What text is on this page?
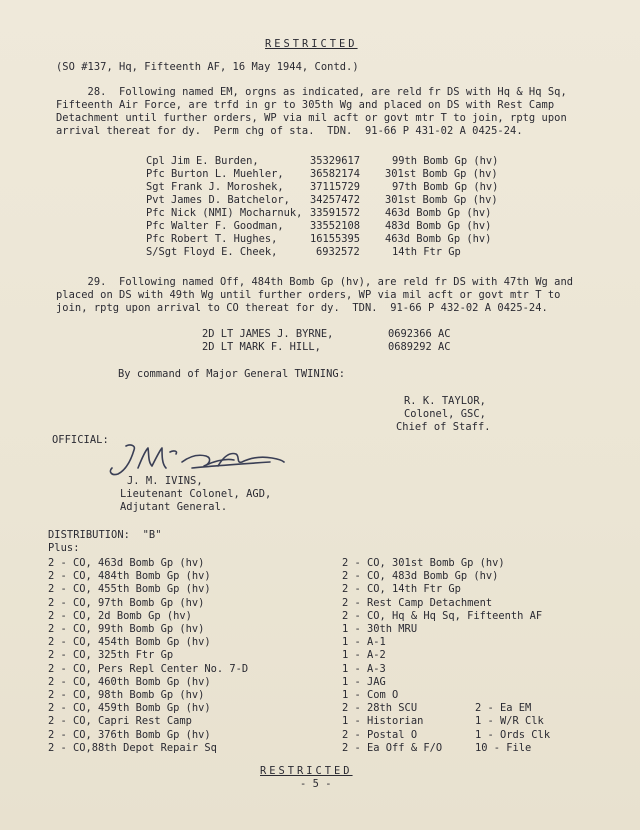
RESTRICTED
(SO #137, Hq, Fifteenth AF, 16 May 1944, Contd.)
28.  Following named EM, orgns as indicated, are reld fr DS with Hq & Hq Sq,
Fifteenth Air Force, are trfd in gr to 305th Wg and placed on DS with Rest Camp
Detachment until further orders, WP via mil acft or govt mtr T to join, rptg upon
arrival thereat for dy.  Perm chg of sta.  TDN.  91-66 P 431-02 A 0425-24.
Cpl Jim E. Burden,	35329617	99th Bomb Gp (hv)
Pfc Burton L. Muehler,	36582174 301st Bomb Gp (hv)
Sgt Frank J. Moroshek,	37115729	97th Bomb Gp (hv)
Pvt James D. Batchelor, 34257472 301st Bomb Gp (hv)
Pfc Nick (NMI) Mocharnuk, 33591572 463d Bomb Gp (hv)
Pfc Walter F. Goodman,	33552108 483d Bomb Gp (hv)
Pfc Robert T. Hughes,	16155395 463d Bomb Gp (hv)
S/Sgt Floyd E. Cheek,	6932572	14th Ftr Gp
29.  Following named Off, 484th Bomb Gp (hv), are reld fr DS with 47th Wg and
placed on DS with 49th Wg until further orders, WP via mil acft or govt mtr T to
join, rptg upon arrival to CO thereat for dy.  TDN.  91-66 P 432-02 A 0425-24.
2D LT JAMES J. BYRNE,	0692366 AC
2D LT MARK F. HILL,	0689292 AC
By command of Major General TWINING:
R. K. TAYLOR,
Colonel, GSC,
Chief of Staff.
OFFICIAL:
J. M. IVINS,
Lieutenant Colonel, AGD,
Adjutant General.
DISTRIBUTION:  "B"
Plus:
2 - CO, 463d Bomb Gp (hv)
2 - CO, 484th Bomb Gp (hv)
2 - CO, 455th Bomb Gp (hv)
2 - CO, 97th Bomb Gp (hv)
2 - CO, 2d Bomb Gp (hv)
2 - CO, 99th Bomb Gp (hv)
2 - CO, 454th Bomb Gp (hv)
2 - CO, 325th Ftr Gp
2 - CO, Pers Repl Center No. 7-D
2 - CO, 460th Bomb Gp (hv)
2 - CO, 98th Bomb Gp (hv)
2 - CO, 459th Bomb Gp (hv)
2 - CO, Capri Rest Camp
2 - CO, 376th Bomb Gp (hv)
2 - CO,88th Depot Repair Sq
2 - CO, 301st Bomb Gp (hv)
2 - CO, 483d Bomb Gp (hv)
2 - CO, 14th Ftr Gp
2 - Rest Camp Detachment
2 - CO, Hq & Hq Sq, Fifteenth AF
1 - 30th MRU
1 - A-1
1 - A-2
1 - A-3
1 - JAG
1 - Com O
2 - 28th SCU
1 - Historian
2 - Postal O
2 - Ea Off & F/O
2 - Ea EM
1 - W/R Clk
1 - Ords Clk
10 - File
RESTRICTED
- 5 -
